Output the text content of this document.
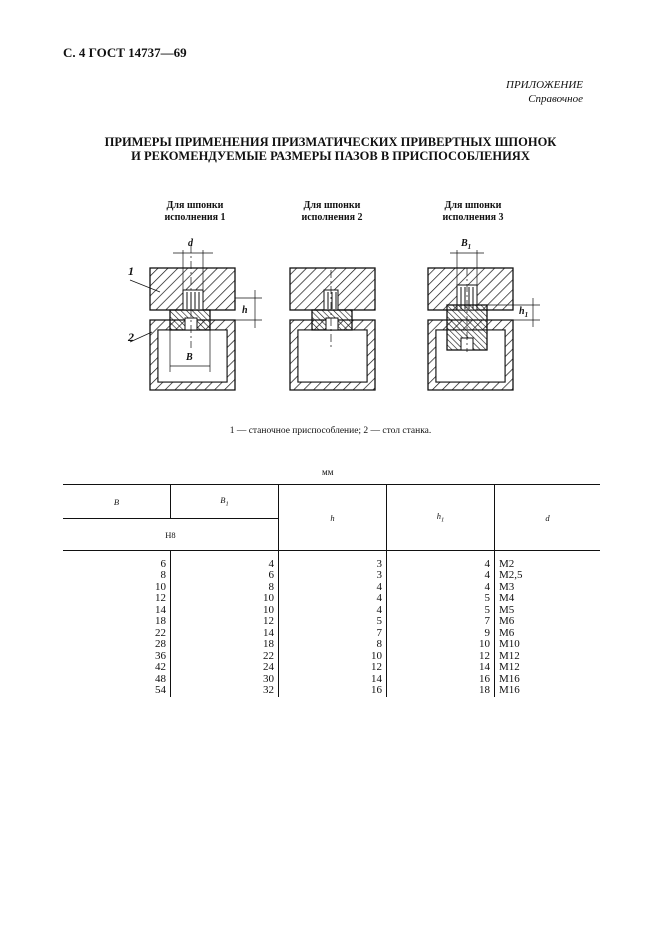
С. 4 ГОСТ 14737—69
ПРИЛОЖЕНИЕ
Справочное
ПРИМЕРЫ ПРИМЕНЕНИЯ ПРИЗМАТИЧЕСКИХ ПРИВЕРТНЫХ ШПОНОК
И РЕКОМЕНДУЕМЫЕ РАЗМЕРЫ ПАЗОВ В ПРИСПОСОБЛЕНИЯХ
Для шпонки
исполнения 1
Для шпонки
исполнения 2
Для шпонки
исполнения 3
1
2
d
h
B
$B_1$
$h_1$
1 — станочное приспособление; 2 — стол станка.
мм
B	$B_1$	h	$h_1$	d
H8				

6	4	3	4	M2
8	6	3	4	M2,5
10	8	4	4	M3
12	10	4	5	M4
14	10	4	5	M5
18	12	5	7	M6
22	14	7	9	M6
28	18	8	10	M10
36	22	10	12	M12
42	24	12	14	M12
48	30	14	16	M16
54	32	16	18	M16
